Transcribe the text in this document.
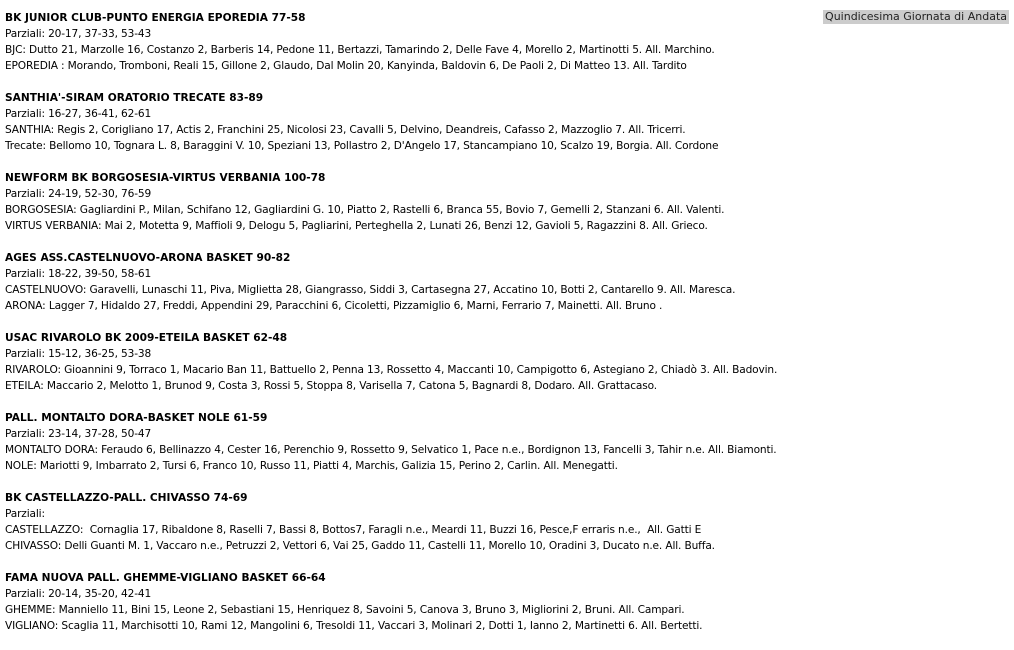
Quindicesima Giornata di Andata
BK JUNIOR CLUB-PUNTO ENERGIA EPOREDIA 77-58
Parziali: 20-17, 37-33, 53-43
BJC: Dutto 21, Marzolle 16, Costanzo 2, Barberis 14, Pedone 11, Bertazzi, Tamarindo 2, Delle Fave 4, Morello 2, Martinotti 5. All. Marchino.
EPOREDIA : Morando, Tromboni, Reali 15, Gillone 2, Glaudo, Dal Molin 20, Kanyinda, Baldovin 6, De Paoli 2, Di Matteo 13. All. Tardito
SANTHIA'-SIRAM ORATORIO TRECATE 83-89
Parziali: 16-27, 36-41, 62-61
SANTHIA: Regis 2, Corigliano 17, Actis 2, Franchini 25, Nicolosi 23, Cavalli 5, Delvino, Deandreis, Cafasso 2, Mazzoglio 7. All. Tricerri.
Trecate: Bellomo 10, Tognara L. 8, Baraggini V. 10, Speziani 13, Pollastro 2, D'Angelo 17, Stancampiano 10, Scalzo 19, Borgia. All. Cordone
NEWFORM BK BORGOSESIA-VIRTUS VERBANIA 100-78
Parziali: 24-19, 52-30, 76-59
BORGOSESIA: Gagliardini P., Milan, Schifano 12, Gagliardini G. 10, Piatto 2, Rastelli 6, Branca 55, Bovio 7, Gemelli 2, Stanzani 6. All. Valenti.
VIRTUS VERBANIA: Mai 2, Motetta 9, Maffioli 9, Delogu 5, Pagliarini, Perteghella 2, Lunati 26, Benzi 12, Gavioli 5, Ragazzini 8. All. Grieco.
AGES ASS.CASTELNUOVO-ARONA BASKET 90-82
Parziali: 18-22, 39-50, 58-61
CASTELNUOVO: Garavelli, Lunaschi 11, Piva, Miglietta 28, Giangrasso, Siddi 3, Cartasegna 27, Accatino 10, Botti 2, Cantarello 9. All. Maresca.
ARONA: Lagger 7, Hidaldo 27, Freddi, Appendini 29, Paracchini 6, Cicoletti, Pizzamiglio 6, Marni, Ferrario 7, Mainetti. All. Bruno .
USAC RIVAROLO BK 2009-ETEILA BASKET 62-48
Parziali: 15-12, 36-25, 53-38
RIVAROLO: Gioannini 9, Torraco 1, Macario Ban 11, Battuello 2, Penna 13, Rossetto 4, Maccanti 10, Campigotto 6, Astegiano 2, Chiadò 3. All. Badovin.
ETEILA: Maccario 2, Melotto 1, Brunod 9, Costa 3, Rossi 5, Stoppa 8, Varisella 7, Catona 5, Bagnardi 8, Dodaro. All. Grattacaso.
PALL. MONTALTO DORA-BASKET NOLE 61-59
Parziali: 23-14, 37-28, 50-47
MONTALTO DORA: Feraudo 6, Bellinazzo 4, Cester 16, Perenchio 9, Rossetto 9, Selvatico 1, Pace n.e., Bordignon 13, Fancelli 3, Tahir n.e. All. Biamonti.
NOLE: Mariotti 9, Imbarrato 2, Tursi 6, Franco 10, Russo 11, Piatti 4, Marchis, Galizia 15, Perino 2, Carlin. All. Menegatti.
BK CASTELLAZZO-PALL. CHIVASSO 74-69
Parziali:
CASTELLAZZO:  Cornaglia 17, Ribaldone 8, Raselli 7, Bassi 8, Bottos7, Faragli n.e., Meardi 11, Buzzi 16, Pesce,F erraris n.e.,  All. Gatti E
CHIVASSO: Delli Guanti M. 1, Vaccaro n.e., Petruzzi 2, Vettori 6, Vai 25, Gaddo 11, Castelli 11, Morello 10, Oradini 3, Ducato n.e. All. Buffa.
FAMA NUOVA PALL. GHEMME-VIGLIANO BASKET 66-64
Parziali: 20-14, 35-20, 42-41
GHEMME: Manniello 11, Bini 15, Leone 2, Sebastiani 15, Henriquez 8, Savoini 5, Canova 3, Bruno 3, Migliorini 2, Bruni. All. Campari.
VIGLIANO: Scaglia 11, Marchisotti 10, Rami 12, Mangolini 6, Tresoldi 11, Vaccari 3, Molinari 2, Dotti 1, Ianno 2, Martinetti 6. All. Bertetti.
